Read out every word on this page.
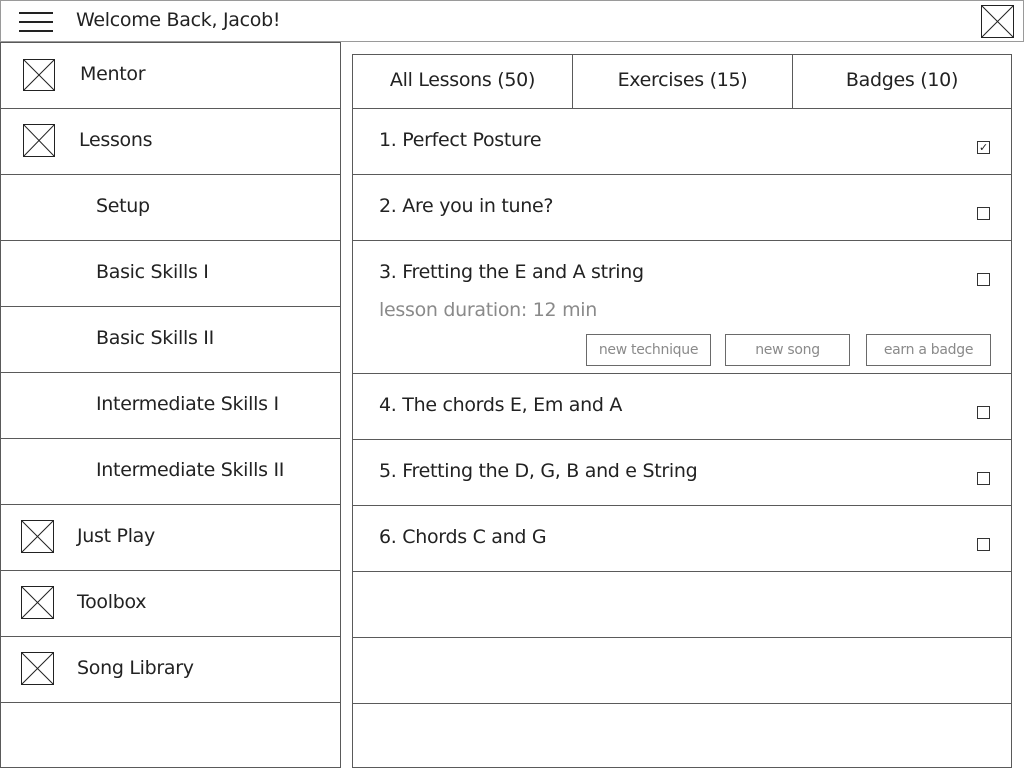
Welcome Back, Jacob!
Mentor
Lessons
Setup
Basic Skills I
Basic Skills II
Intermediate Skills I
Intermediate Skills II
Just Play
Toolbox
Song Library
All Lessons (50)	Exercises (15)	Badges (10)
1. Perfect Posture	✓
2. Are you in tune?
3. Fretting the E and A string
lesson duration: 12 min
new technique	new song	earn a badge
4. The chords E, Em and A
5. Fretting the D, G, B and e String
6. Chords C and G
